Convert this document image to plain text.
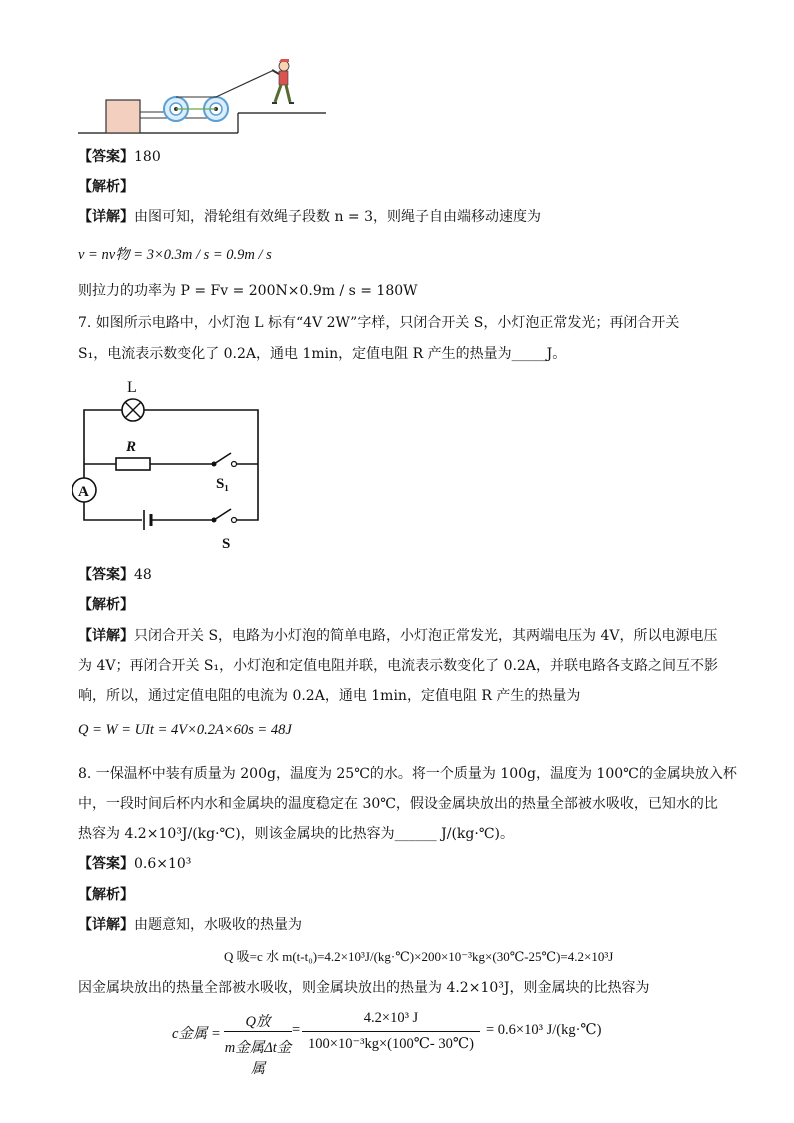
【答案】180
【解析】
【详解】由图可知，滑轮组有效绳子段数 n = 3，则绳子自由端移动速度为
v = nv物 = 3×0.3m / s = 0.9m / s
则拉力的功率为 P = Fv = 200N×0.9m / s = 180W
7. 如图所示电路中，小灯泡 L 标有“4V 2W”字样，只闭合开关 S，小灯泡正常发光；再闭合开关
S₁，电流表示数变化了 0.2A，通电 1min，定值电阻 R 产生的热量为_____J。
L
R
S₁
A
S
【答案】48
【解析】
【详解】只闭合开关 S，电路为小灯泡的简单电路，小灯泡正常发光，其两端电压为 4V，所以电源电压
为 4V；再闭合开关 S₁，小灯泡和定值电阻并联，电流表示数变化了 0.2A，并联电路各支路之间互不影
响，所以，通过定值电阻的电流为 0.2A，通电 1min，定值电阻 R 产生的热量为
Q = W = UIt = 4V×0.2A×60s = 48J
8. 一保温杯中装有质量为 200g，温度为 25℃的水。将一个质量为 100g，温度为 100℃的金属块放入杯
中，一段时间后杯内水和金属块的温度稳定在 30℃，假设金属块放出的热量全部被水吸收，已知水的比
热容为 4.2×10³J/(kg·℃)，则该金属块的比热容为______ J/(kg·℃)。
【答案】0.6×10³
【解析】
【详解】由题意知，水吸收的热量为
Q 吸=c 水 m(t-t₀)=4.2×10³J/(kg·℃)×200×10⁻³kg×(30℃-25℃)=4.2×10³J
因金属块放出的热量全部被水吸收，则金属块放出的热量为 4.2×10³J，则金属块的比热容为
c金属 =
Q放
m金属Δt金属
=
4.2×10³ J
100×10⁻³kg×(100℃- 30℃)
= 0.6×10³ J/(kg·℃)
